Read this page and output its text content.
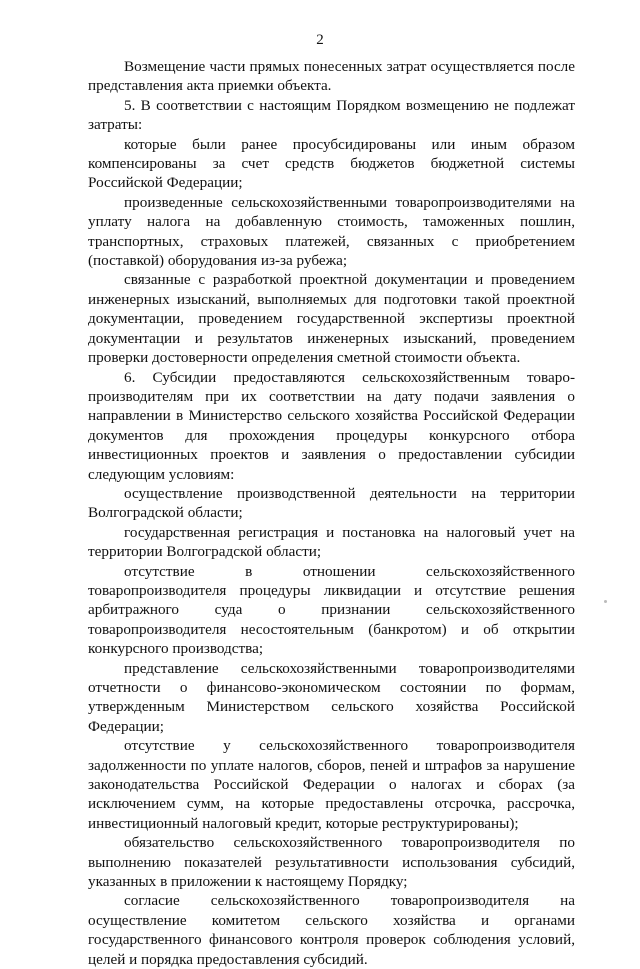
2

Возмещение части прямых понесенных затрат осуществляется после представления акта приемки объекта.

5. В соответствии с настоящим Порядком возмещению не подлежат затраты:

которые были ранее просубсидированы или иным образом компенсированы за счет средств бюджетов бюджетной системы Российской Федерации;

произведенные сельскохозяйственными товаропроизводителями на уплату налога на добавленную стоимость, таможенных пошлин, транспортных, страховых платежей, связанных с приобретением (поставкой) оборудования из-за рубежа;

связанные с разработкой проектной документации и проведением инженерных изысканий, выполняемых для подготовки такой проектной документации, проведением государственной экспертизы проектной документации и результатов инженерных изысканий, проведением проверки достоверности определения сметной стоимости объекта.

6. Субсидии предоставляются сельскохозяйственным товаропроизводителям при их соответствии на дату подачи заявления о направлении в Министерство сельского хозяйства Российской Федерации документов для прохождения процедуры конкурсного отбора инвестиционных проектов и заявления о предоставлении субсидии следующим условиям:

осуществление производственной деятельности на территории Волгоградской области;

государственная регистрация и постановка на налоговый учет на территории Волгоградской области;

отсутствие в отношении сельскохозяйственного товаропроизводителя процедуры ликвидации и отсутствие решения арбитражного суда о признании сельскохозяйственного товаропроизводителя несостоятельным (банкротом) и об открытии конкурсного производства;

представление сельскохозяйственными товаропроизводителями отчетности о финансово-экономическом состоянии по формам, утвержденным Министерством сельского хозяйства Российской Федерации;

отсутствие у сельскохозяйственного товаропроизводителя задолженности по уплате налогов, сборов, пеней и штрафов за нарушение законодательства Российской Федерации о налогах и сборах (за исключением сумм, на которые предоставлены отсрочка, рассрочка, инвестиционный налоговый кредит, которые реструктурированы);

обязательство сельскохозяйственного товаропроизводителя по выполнению показателей результативности использования субсидий, указанных в приложении к настоящему Порядку;

согласие сельскохозяйственного товаропроизводителя на осуществление комитетом сельского хозяйства и органами государственного финансового контроля проверок соблюдения условий, целей и порядка предоставления субсидий.
